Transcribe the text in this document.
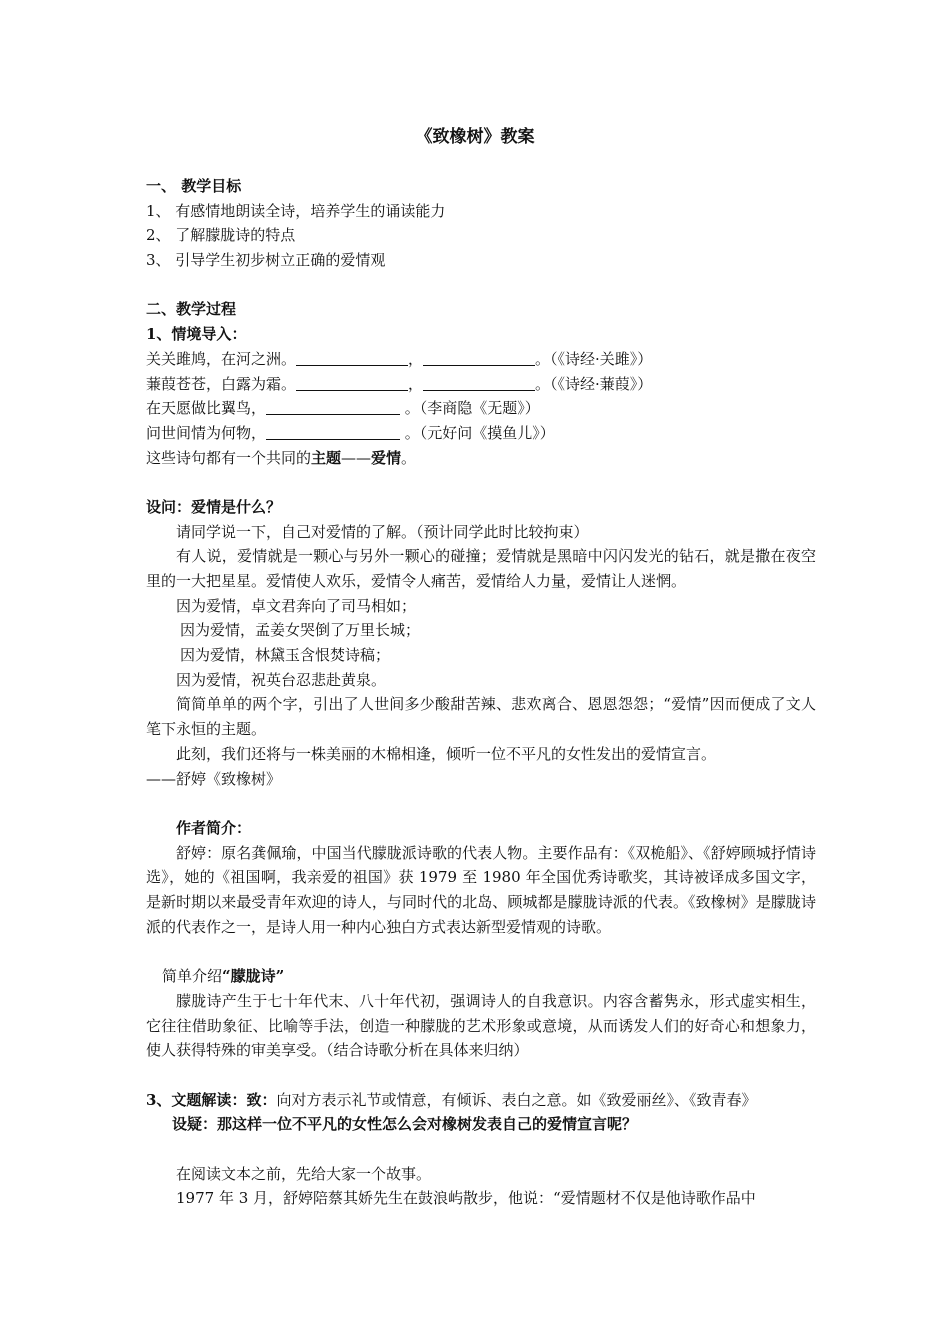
《致橡树》教案
一、 教学目标
1、 有感情地朗读全诗，培养学生的诵读能力
2、 了解朦胧诗的特点
3、 引导学生初步树立正确的爱情观
二、教学过程
1、情境导入：
关关雎鸠，在河之洲。	，	。（《诗经·关雎》）
蒹葭苍苍，白露为霜。	，	。（《诗经·蒹葭》）
在天愿做比翼鸟，	。（李商隐《无题》）
问世间情为何物，	。（元好问《摸鱼儿》）
这些诗句都有一个共同的主题——爱情。
设问：爱情是什么？
请同学说一下，自己对爱情的了解。（预计同学此时比较拘束）
有人说，爱情就是一颗心与另外一颗心的碰撞；爱情就是黑暗中闪闪发光的钻石，就是撒在夜空里的一大把星星。爱情使人欢乐，爱情令人痛苦，爱情给人力量，爱情让人迷惘。
因为爱情，卓文君奔向了司马相如；
因为爱情，孟姜女哭倒了万里长城；
因为爱情，林黛玉含恨焚诗稿；
因为爱情，祝英台忍悲赴黄泉。
简简单单的两个字，引出了人世间多少酸甜苦辣、悲欢离合、恩恩怨怨；“爱情”因而便成了文人笔下永恒的主题。
此刻，我们还将与一株美丽的木棉相逢，倾听一位不平凡的女性发出的爱情宣言。
——舒婷《致橡树》
作者简介：
舒婷：原名龚佩瑜，中国当代朦胧派诗歌的代表人物。主要作品有：《双桅船》、《舒婷顾城抒情诗选》，她的《祖国啊，我亲爱的祖国》获 1979 至 1980 年全国优秀诗歌奖，其诗被译成多国文字，是新时期以来最受青年欢迎的诗人，与同时代的北岛、顾城都是朦胧诗派的代表。《致橡树》是朦胧诗派的代表作之一，是诗人用一种内心独白方式表达新型爱情观的诗歌。
简单介绍“朦胧诗”
朦胧诗产生于七十年代末、八十年代初，强调诗人的自我意识。内容含蓄隽永，形式虚实相生，它往往借助象征、比喻等手法，创造一种朦胧的艺术形象或意境，从而诱发人们的好奇心和想象力，使人获得特殊的审美享受。（结合诗歌分析在具体来归纳）
3、文题解读：致：向对方表示礼节或情意，有倾诉、表白之意。如《致爱丽丝》、《致青春》
设疑：那这样一位不平凡的女性怎么会对橡树发表自己的爱情宣言呢？
在阅读文本之前，先给大家一个故事。
1977 年 3 月，舒婷陪蔡其娇先生在鼓浪屿散步，他说：“爱情题材不仅是他诗歌作品中
